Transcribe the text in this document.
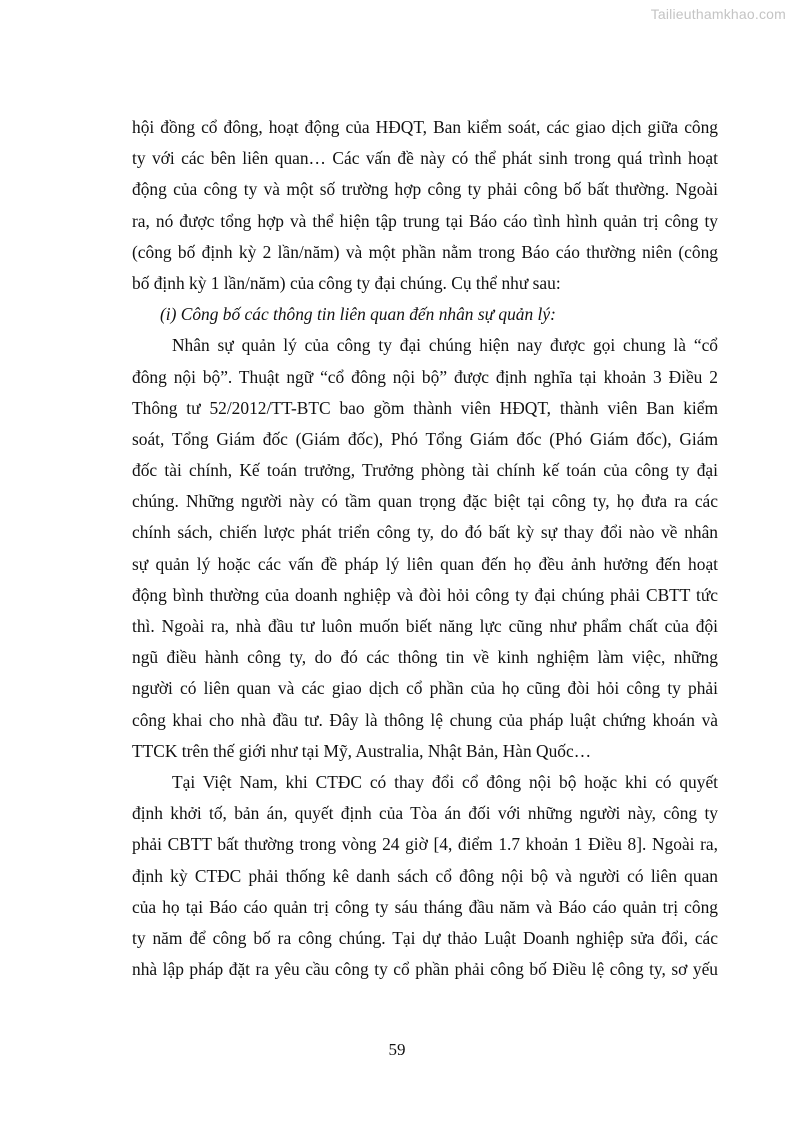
Tailieuthamkhao.com
hội đồng cổ đông, hoạt động của HĐQT, Ban kiểm soát, các giao dịch giữa công
ty với các bên liên quan… Các vấn đề này có thể phát sinh trong quá trình hoạt
động của công ty và một số trường hợp công ty phải công bố bất thường. Ngoài
ra, nó được tổng hợp và thể hiện tập trung tại Báo cáo tình hình quản trị công ty
(công bố định kỳ 2 lần/năm) và một phần nằm trong Báo cáo thường niên (công
bố định kỳ 1 lần/năm) của công ty đại chúng. Cụ thể như sau:
(i) Công bố các thông tin liên quan đến nhân sự quản lý:
Nhân sự quản lý của công ty đại chúng hiện nay được gọi chung là “cổ
đông nội bộ”. Thuật ngữ “cổ đông nội bộ” được định nghĩa tại khoản 3 Điều 2
Thông tư 52/2012/TT-BTC bao gồm thành viên HĐQT, thành viên Ban kiểm
soát, Tổng Giám đốc (Giám đốc), Phó Tổng Giám đốc (Phó Giám đốc), Giám
đốc tài chính, Kế toán trưởng, Trưởng phòng tài chính kế toán của công ty đại
chúng. Những người này có tầm quan trọng đặc biệt tại công ty, họ đưa ra các
chính sách, chiến lược phát triển công ty, do đó bất kỳ sự thay đổi nào về nhân
sự quản lý hoặc các vấn đề pháp lý liên quan đến họ đều ảnh hưởng đến hoạt
động bình thường của doanh nghiệp và đòi hỏi công ty đại chúng phải CBTT tức
thì. Ngoài ra, nhà đầu tư luôn muốn biết năng lực cũng như phẩm chất của đội
ngũ điều hành công ty, do đó các thông tin về kinh nghiệm làm việc, những
người có liên quan và các giao dịch cổ phần của họ cũng đòi hỏi công ty phải
công khai cho nhà đầu tư. Đây là thông lệ chung của pháp luật chứng khoán và
TTCK trên thế giới như tại Mỹ, Australia, Nhật Bản, Hàn Quốc…
Tại Việt Nam, khi CTĐC có thay đổi cổ đông nội bộ hoặc khi có quyết
định khởi tố, bản án, quyết định của Tòa án đối với những người này, công ty
phải CBTT bất thường trong vòng 24 giờ [4, điểm 1.7 khoản 1 Điều 8]. Ngoài ra,
định kỳ CTĐC phải thống kê danh sách cổ đông nội bộ và người có liên quan
của họ tại Báo cáo quản trị công ty sáu tháng đầu năm và Báo cáo quản trị công
ty năm để công bố ra công chúng. Tại dự thảo Luật Doanh nghiệp sửa đổi, các
nhà lập pháp đặt ra yêu cầu công ty cổ phần phải công bố Điều lệ công ty, sơ yếu
59
